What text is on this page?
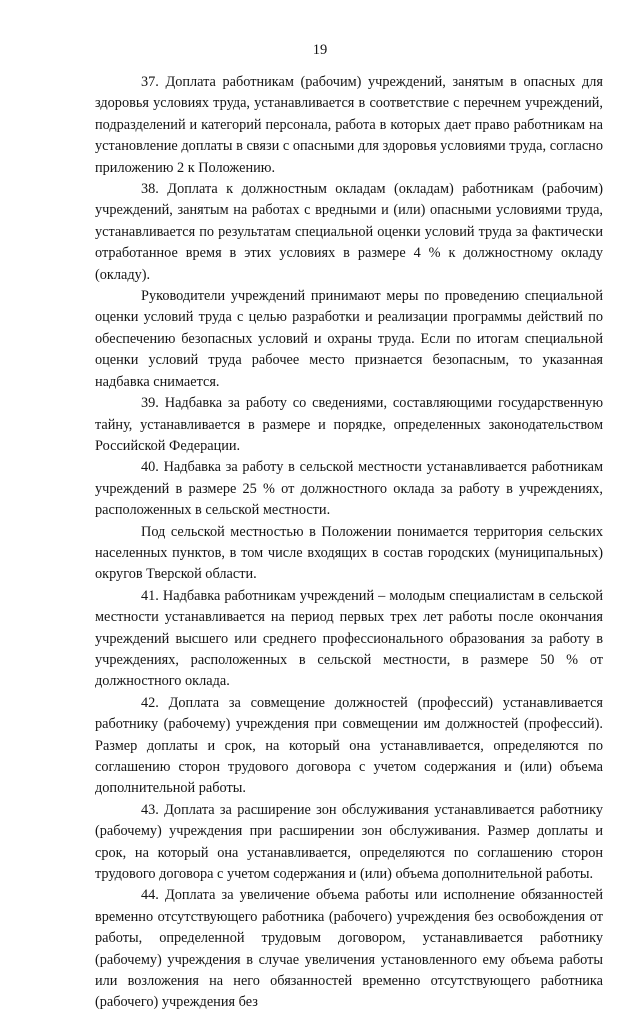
19

37. Доплата работникам (рабочим) учреждений, занятым в опасных для здоровья условиях труда, устанавливается в соответствие с перечнем учреждений, подразделений и категорий персонала, работа в которых дает право работникам на установление доплаты в связи с опасными для здоровья условиями труда, согласно приложению 2 к Положению.

38. Доплата к должностным окладам (окладам) работникам (рабочим) учреждений, занятым на работах с вредными и (или) опасными условиями труда, устанавливается по результатам специальной оценки условий труда за фактически отработанное время в этих условиях в размере 4 % к должностному окладу (окладу).

Руководители учреждений принимают меры по проведению специальной оценки условий труда с целью разработки и реализации программы действий по обеспечению безопасных условий и охраны труда. Если по итогам специальной оценки условий труда рабочее место признается безопасным, то указанная надбавка снимается.

39. Надбавка за работу со сведениями, составляющими государственную тайну, устанавливается в размере и порядке, определенных законодательством Российской Федерации.

40. Надбавка за работу в сельской местности устанавливается работникам учреждений в размере 25 % от должностного оклада за работу в учреждениях, расположенных в сельской местности.

Под сельской местностью в Положении понимается территория сельских населенных пунктов, в том числе входящих в состав городских (муниципальных) округов Тверской области.

41. Надбавка работникам учреждений – молодым специалистам в сельской местности устанавливается на период первых трех лет работы после окончания учреждений высшего или среднего профессионального образования за работу в учреждениях, расположенных в сельской местности, в размере 50 % от должностного оклада.

42. Доплата за совмещение должностей (профессий) устанавливается работнику (рабочему) учреждения при совмещении им должностей (профессий). Размер доплаты и срок, на который она устанавливается, определяются по соглашению сторон трудового договора с учетом содержания и (или) объема дополнительной работы.

43. Доплата за расширение зон обслуживания устанавливается работнику (рабочему) учреждения при расширении зон обслуживания. Размер доплаты и срок, на который она устанавливается, определяются по соглашению сторон трудового договора с учетом содержания и (или) объема дополнительной работы.

44. Доплата за увеличение объема работы или исполнение обязанностей временно отсутствующего работника (рабочего) учреждения без освобождения от работы, определенной трудовым договором, устанавливается работнику (рабочему) учреждения в случае увеличения установленного ему объема работы или возложения на него обязанностей временно отсутствующего работника (рабочего) учреждения без
